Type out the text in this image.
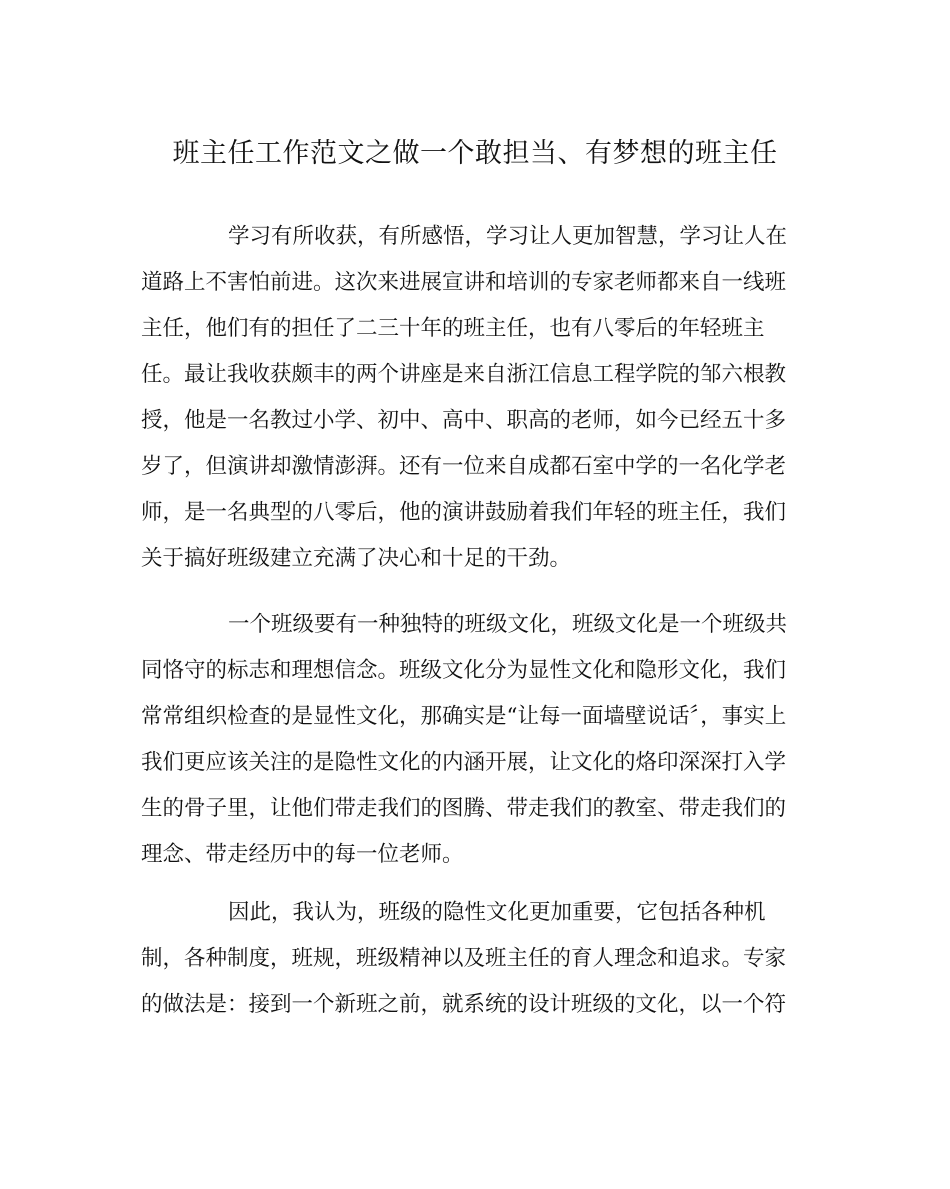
班主任工作范文之做一个敢担当、有梦想的班主任

学习有所收获，有所感悟，学习让人更加智慧，学习让人在

道路上不害怕前进。这次来进展宣讲和培训的专家老师都来自一线班

主任，他们有的担任了二三十年的班主任，也有八零后的年轻班主

任。最让我收获颇丰的两个讲座是来自浙江信息工程学院的邹六根教

授，他是一名教过小学、初中、高中、职高的老师，如今已经五十多

岁了，但演讲却激情澎湃。还有一位来自成都石室中学的一名化学老

师，是一名典型的八零后，他的演讲鼓励着我们年轻的班主任，我们

关于搞好班级建立充满了决心和十足的干劲。

一个班级要有一种独特的班级文化，班级文化是一个班级共

同恪守的标志和理想信念。班级文化分为显性文化和隐形文化，我们

常常组织检查的是显性文化，那确实是“让每一面墙壁说话〞，事实上

我们更应该关注的是隐性文化的内涵开展，让文化的烙印深深打入学

生的骨子里，让他们带走我们的图腾、带走我们的教室、带走我们的

理念、带走经历中的每一位老师。

因此，我认为，班级的隐性文化更加重要，它包括各种机

制，各种制度，班规，班级精神以及班主任的育人理念和追求。专家

的做法是：接到一个新班之前，就系统的设计班级的文化，以一个符
